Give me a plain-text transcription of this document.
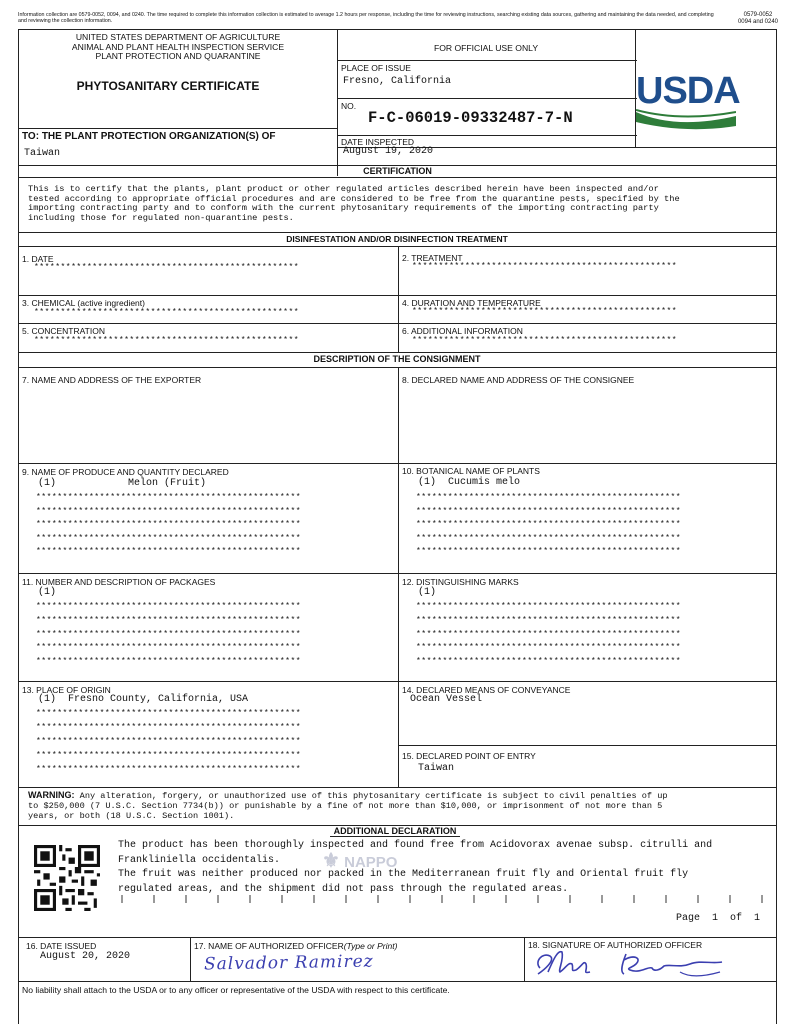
Information collection are 0579-0052, 0094, and 0240. The time required to complete this information collection is estimated to average 1.2 hours per response, including the time for reviewing instructions, searching existing data sources, gathering and maintaining the data needed, and completing and reviewing the collection information.
0579-0052
0094 and 0240
UNITED STATES DEPARTMENT OF AGRICULTURE
ANIMAL AND PLANT HEALTH INSPECTION SERVICE
PLANT PROTECTION AND QUARANTINE
PHYTOSANITARY CERTIFICATE
FOR OFFICIAL USE ONLY
PLACE OF ISSUE
Fresno, California
NO.
F-C-06019-09332487-7-N
DATE INSPECTED
August 19, 2020
USDA
TO: THE PLANT PROTECTION ORGANIZATION(S) OF
Taiwan
CERTIFICATION
This is to certify that the plants, plant product or other regulated articles described herein have been inspected and/or
tested according to appropriate official procedures and are considered to be free from the quarantine pests, specified by the
importing contracting party and to conform with the current phytosanitary requirements of the importing contracting party
including those for regulated non-quarantine pests.
DISINFESTATION AND/OR DISINFECTION TREATMENT
1. DATE
**************************************************
2. TREATMENT
**************************************************
3. CHEMICAL (active ingredient)
**************************************************
4. DURATION AND TEMPERATURE
**************************************************
5. CONCENTRATION
**************************************************
6. ADDITIONAL INFORMATION
**************************************************
DESCRIPTION OF THE CONSIGNMENT
7. NAME AND ADDRESS OF THE EXPORTER	8. DECLARED NAME AND ADDRESS OF THE CONSIGNEE
9. NAME OF PRODUCE AND QUANTITY DECLARED
(1)            Melon (Fruit)
**************************************************
**************************************************
**************************************************
**************************************************
**************************************************
10. BOTANICAL NAME OF PLANTS
(1)  Cucumis melo
**************************************************
**************************************************
**************************************************
**************************************************
**************************************************
11. NUMBER AND DESCRIPTION OF PACKAGES
(1)
**************************************************
**************************************************
**************************************************
**************************************************
**************************************************
12. DISTINGUISHING MARKS
(1)
**************************************************
**************************************************
**************************************************
**************************************************
**************************************************
13. PLACE OF ORIGIN
(1)  Fresno County, California, USA
**************************************************
**************************************************
**************************************************
**************************************************
**************************************************
14. DECLARED MEANS OF CONVEYANCE
Ocean Vessel
15. DECLARED POINT OF ENTRY
Taiwan
WARNING: Any alteration, forgery, or unauthorized use of this phytosanitary certificate is subject to civil penalties of up
to $250,000 (7 U.S.C. Section 7734(b)) or punishable by a fine of not more than $10,000, or imprisonment of not more than 5
years, or both (18 U.S.C. Section 1001).
ADDITIONAL DECLARATION
⚜ NAPPO
The product has been thoroughly inspected and found free from Acidovorax avenae subsp. citrulli and
Frankliniella occidentalis.
The fruit was neither produced nor packed in the Mediterranean fruit fly and Oriental fruit fly
regulated areas, and the shipment did not pass through the regulated areas.
Page  1  of  1
16. DATE ISSUED
August 20, 2020
17. NAME OF AUTHORIZED OFFICER(Type or Print)
Salvador Ramirez
18. SIGNATURE OF AUTHORIZED OFFICER
No liability shall attach to the USDA or to any officer or representative of the USDA with respect to this certificate.
